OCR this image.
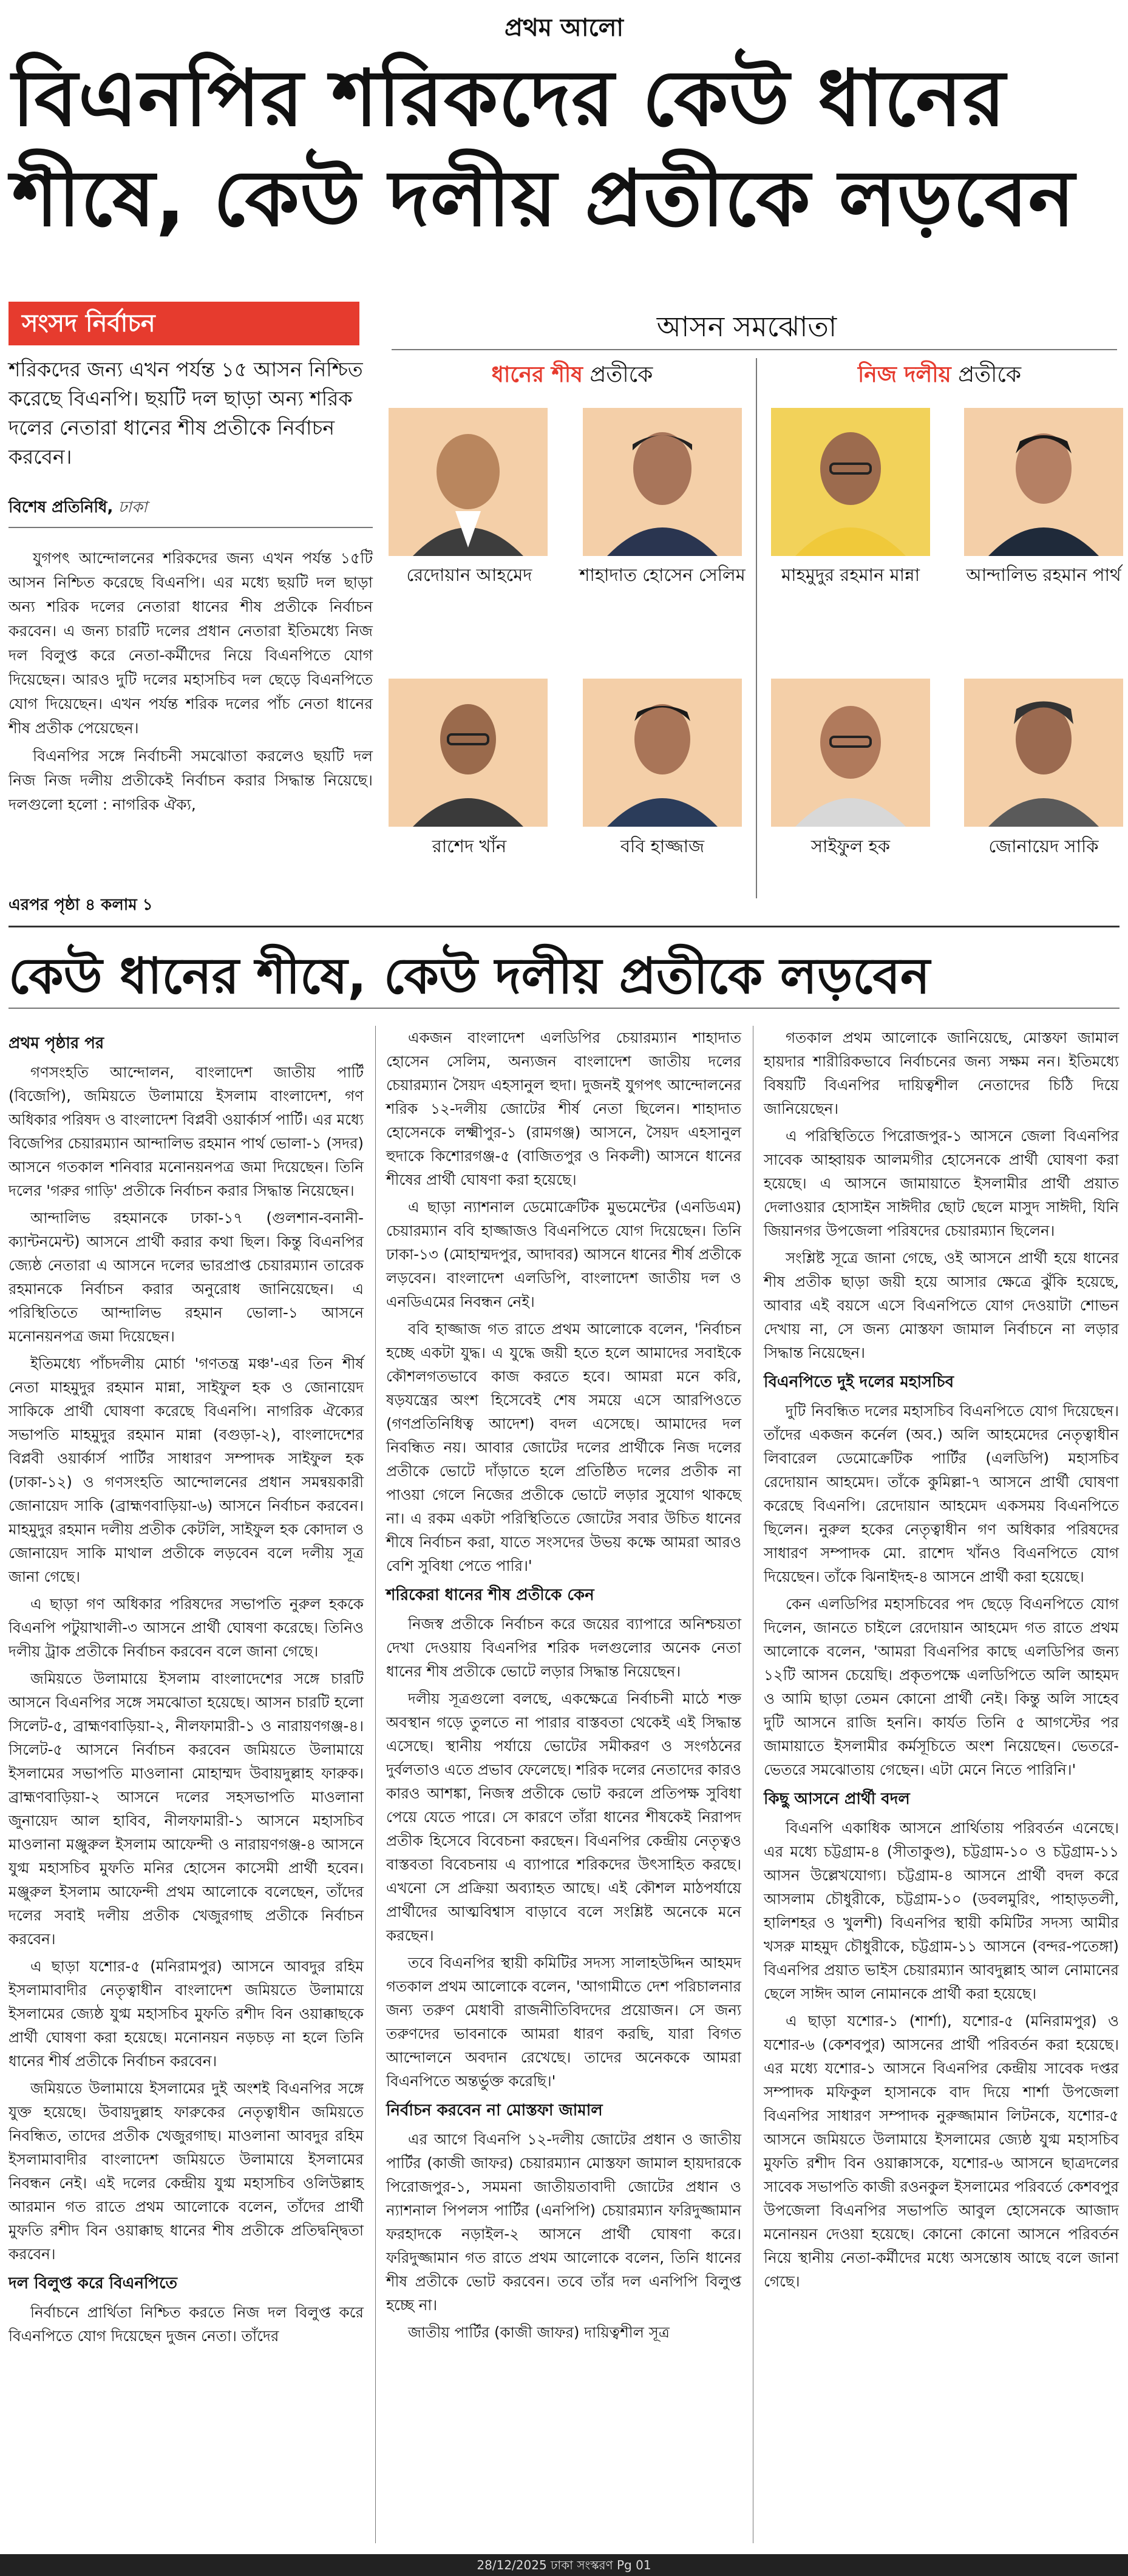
প্রথম আলো
বিএনপির শরিকদের কেউ ধানের শীষে, কেউ দলীয় প্রতীকে লড়বেন
সংসদ নির্বাচন
শরিকদের জন্য এখন পর্যন্ত ১৫ আসন নিশ্চিত করেছে বিএনপি। ছয়টি দল ছাড়া অন্য শরিক দলের নেতারা ধানের শীষ প্রতীকে নির্বাচন করবেন।
বিশেষ প্রতিনিধি, ঢাকা

যুগপৎ আন্দোলনের শরিকদের জন্য এখন পর্যন্ত ১৫টি আসন নিশ্চিত করেছে বিএনপি। এর মধ্যে ছয়টি দল ছাড়া অন্য শরিক দলের নেতারা ধানের শীষ প্রতীকে নির্বাচন করবেন। এ জন্য চারটি দলের প্রধান নেতারা ইতিমধ্যে নিজ দল বিলুপ্ত করে নেতা-কর্মীদের নিয়ে বিএনপিতে যোগ দিয়েছেন। আরও দুটি দলের মহাসচিব দল ছেড়ে বিএনপিতে যোগ দিয়েছেন। এখন পর্যন্ত শরিক দলের পাঁচ নেতা ধানের শীষ প্রতীক পেয়েছেন।

বিএনপির সঙ্গে নির্বাচনী সমঝোতা করলেও ছয়টি দল নিজ নিজ দলীয় প্রতীকেই নির্বাচন করার সিদ্ধান্ত নিয়েছে। দলগুলো হলো : নাগরিক ঐক্য,

এরপর পৃষ্ঠা ৪ কলাম ১
আসন সমঝোতা
ধানের শীষ প্রতীকে	নিজ দলীয় প্রতীকে
রেদোয়ান আহমেদ	শাহাদাত হোসেন সেলিম	মাহমুদুর রহমান মান্না	আন্দালিভ রহমান পার্থ
রাশেদ খাঁন	ববি হাজ্জাজ	সাইফুল হক	জোনায়েদ সাকি
কেউ ধানের শীষে, কেউ দলীয় প্রতীকে লড়বেন
প্রথম পৃষ্ঠার পর

গণসংহতি আন্দোলন, বাংলাদেশ জাতীয় পার্টি (বিজেপি), জমিয়তে উলামায়ে ইসলাম বাংলাদেশ, গণ অধিকার পরিষদ ও বাংলাদেশ বিপ্লবী ওয়ার্কার্স পার্টি। এর মধ্যে বিজেপির চেয়ারম্যান আন্দালিভ রহমান পার্থ ভোলা-১ (সদর) আসনে গতকাল শনিবার মনোনয়নপত্র জমা দিয়েছেন। তিনি দলের 'গরুর গাড়ি' প্রতীকে নির্বাচন করার সিদ্ধান্ত নিয়েছেন।

আন্দালিভ রহমানকে ঢাকা-১৭ (গুলশান-বনানী-ক্যান্টনমেন্ট) আসনে প্রার্থী করার কথা ছিল। কিন্তু বিএনপির জ্যেষ্ঠ নেতারা এ আসনে দলের ভারপ্রাপ্ত চেয়ারম্যান তারেক রহমানকে নির্বাচন করার অনুরোধ জানিয়েছেন। এ পরিস্থিতিতে আন্দালিভ রহমান ভোলা-১ আসনে মনোনয়নপত্র জমা দিয়েছেন।

ইতিমধ্যে পাঁচদলীয় মোর্চা 'গণতন্ত্র মঞ্চ'-এর তিন শীর্ষ নেতা মাহমুদুর রহমান মান্না, সাইফুল হক ও জোনায়েদ সাকিকে প্রার্থী ঘোষণা করেছে বিএনপি। নাগরিক ঐক্যের সভাপতি মাহমুদুর রহমান মান্না (বগুড়া-২), বাংলাদেশের বিপ্লবী ওয়ার্কার্স পার্টির সাধারণ সম্পাদক সাইফুল হক (ঢাকা-১২) ও গণসংহতি আন্দোলনের প্রধান সমন্বয়কারী জোনায়েদ সাকি (ব্রাহ্মণবাড়িয়া-৬) আসনে নির্বাচন করবেন। মাহমুদুর রহমান দলীয় প্রতীক কেটলি, সাইফুল হক কোদাল ও জোনায়েদ সাকি মাথাল প্রতীকে লড়বেন বলে দলীয় সূত্র জানা গেছে।

এ ছাড়া গণ অধিকার পরিষদের সভাপতি নুরুল হককে বিএনপি পটুয়াখালী-৩ আসনে প্রার্থী ঘোষণা করেছে। তিনিও দলীয় ট্রাক প্রতীকে নির্বাচন করবেন বলে জানা গেছে।

জমিয়তে উলামায়ে ইসলাম বাংলাদেশের সঙ্গে চারটি আসনে বিএনপির সঙ্গে সমঝোতা হয়েছে। আসন চারটি হলো সিলেট-৫, ব্রাহ্মণবাড়িয়া-২, নীলফামারী-১ ও নারায়ণগঞ্জ-৪। সিলেট-৫ আসনে নির্বাচন করবেন জমিয়তে উলামায়ে ইসলামের সভাপতি মাওলানা মোহাম্মদ উবায়দুল্লাহ ফারুক। ব্রাহ্মণবাড়িয়া-২ আসনে দলের সহসভাপতি মাওলানা জুনায়েদ আল হাবিব, নীলফামারী-১ আসনে মহাসচিব মাওলানা মঞ্জুরুল ইসলাম আফেন্দী ও নারায়ণগঞ্জ-৪ আসনে যুগ্ম মহাসচিব মুফতি মনির হোসেন কাসেমী প্রার্থী হবেন। মঞ্জুরুল ইসলাম আফেন্দী প্রথম আলোকে বলেছেন, তাঁদের দলের সবাই দলীয় প্রতীক খেজুরগাছ প্রতীকে নির্বাচন করবেন।

এ ছাড়া যশোর-৫ (মনিরামপুর) আসনে আবদুর রহিম ইসলামাবাদীর নেতৃত্বাধীন বাংলাদেশ জমিয়তে উলামায়ে ইসলামের জ্যেষ্ঠ যুগ্ম মহাসচিব মুফতি রশীদ বিন ওয়াক্কাছকে প্রার্থী ঘোষণা করা হয়েছে। মনোনয়ন নড়চড় না হলে তিনি ধানের শীর্ষ প্রতীকে নির্বাচন করবেন।

জমিয়তে উলামায়ে ইসলামের দুই অংশই বিএনপির সঙ্গে যুক্ত হয়েছে। উবায়দুল্লাহ ফারুকের নেতৃত্বাধীন জমিয়তে নিবন্ধিত, তাদের প্রতীক খেজুরগাছ। মাওলানা আবদুর রহিম ইসলামাবাদীর বাংলাদেশ জমিয়তে উলামায়ে ইসলামের নিবন্ধন নেই। এই দলের কেন্দ্রীয় যুগ্ম মহাসচিব ওলিউল্লাহ আরমান গত রাতে প্রথম আলোকে বলেন, তাঁদের প্রার্থী মুফতি রশীদ বিন ওয়াক্কাছ ধানের শীষ প্রতীকে প্রতিদ্বন্দ্বিতা করবেন।

দল বিলুপ্ত করে বিএনপিতে

নির্বাচনে প্রার্থিতা নিশ্চিত করতে নিজ দল বিলুপ্ত করে বিএনপিতে যোগ দিয়েছেন দুজন নেতা। তাঁদের

একজন বাংলাদেশ এলডিপির চেয়ারম্যান শাহাদাত হোসেন সেলিম, অন্যজন বাংলাদেশ জাতীয় দলের চেয়ারম্যান সৈয়দ এহসানুল হুদা। দুজনই যুগপৎ আন্দোলনের শরিক ১২-দলীয় জোটের শীর্ষ নেতা ছিলেন। শাহাদাত হোসেনকে লক্ষ্মীপুর-১ (রামগঞ্জ) আসনে, সৈয়দ এহসানুল হুদাকে কিশোরগঞ্জ-৫ (বাজিতপুর ও নিকলী) আসনে ধানের শীষের প্রার্থী ঘোষণা করা হয়েছে।

এ ছাড়া ন্যাশনাল ডেমোক্রেটিক মুভমেন্টের (এনডিএম) চেয়ারম্যান ববি হাজ্জাজও বিএনপিতে যোগ দিয়েছেন। তিনি ঢাকা-১৩ (মোহাম্মদপুর, আদাবর) আসনে ধানের শীর্ষ প্রতীকে লড়বেন। বাংলাদেশ এলডিপি, বাংলাদেশ জাতীয় দল ও এনডিএমের নিবন্ধন নেই।

ববি হাজ্জাজ গত রাতে প্রথম আলোকে বলেন, 'নির্বাচন হচ্ছে একটা যুদ্ধ। এ যুদ্ধে জয়ী হতে হলে আমাদের সবাইকে কৌশলগতভাবে কাজ করতে হবে। আমরা মনে করি, ষড়যন্ত্রের অংশ হিসেবেই শেষ সময়ে এসে আরপিওতে (গণপ্রতিনিধিত্ব আদেশ) বদল এসেছে। আমাদের দল নিবন্ধিত নয়। আবার জোটের দলের প্রার্থীকে নিজ দলের প্রতীকে ভোটে দাঁড়াতে হলে প্রতিষ্ঠিত দলের প্রতীক না পাওয়া গেলে নিজের প্রতীকে ভোটে লড়ার সুযোগ থাকছে না। এ রকম একটা পরিস্থিতিতে জোটের সবার উচিত ধানের শীষে নির্বাচন করা, যাতে সংসদের উভয় কক্ষে আমরা আরও বেশি সুবিধা পেতে পারি।'

শরিকেরা ধানের শীষ প্রতীকে কেন

নিজস্ব প্রতীকে নির্বাচন করে জয়ের ব্যাপারে অনিশ্চয়তা দেখা দেওয়ায় বিএনপির শরিক দলগুলোর অনেক নেতা ধানের শীষ প্রতীকে ভোটে লড়ার সিদ্ধান্ত নিয়েছেন।

দলীয় সূত্রগুলো বলছে, একক্ষেত্রে নির্বাচনী মাঠে শক্ত অবস্থান গড়ে তুলতে না পারার বাস্তবতা থেকেই এই সিদ্ধান্ত এসেছে। স্থানীয় পর্যায়ে ভোটের সমীকরণ ও সংগঠনের দুর্বলতাও এতে প্রভাব ফেলেছে। শরিক দলের নেতাদের কারও কারও আশঙ্কা, নিজস্ব প্রতীকে ভোট করলে প্রতিপক্ষ সুবিধা পেয়ে যেতে পারে। সে কারণে তাঁরা ধানের শীষকেই নিরাপদ প্রতীক হিসেবে বিবেচনা করছেন। বিএনপির কেন্দ্রীয় নেতৃত্বও বাস্তবতা বিবেচনায় এ ব্যাপারে শরিকদের উৎসাহিত করছে। এখনো সে প্রক্রিয়া অব্যাহত আছে। এই কৌশল মাঠপর্যায়ে প্রার্থীদের আত্মবিশ্বাস বাড়াবে বলে সংশ্লিষ্ট অনেকে মনে করছেন।

তবে বিএনপির স্থায়ী কমিটির সদস্য সালাহউদ্দিন আহমদ গতকাল প্রথম আলোকে বলেন, 'আগামীতে দেশ পরিচালনার জন্য তরুণ মেধাবী রাজনীতিবিদদের প্রয়োজন। সে জন্য তরুণদের ভাবনাকে আমরা ধারণ করছি, যারা বিগত আন্দোলনে অবদান রেখেছে। তাদের অনেককে আমরা বিএনপিতে অন্তর্ভুক্ত করেছি।'

নির্বাচন করবেন না মোস্তফা জামাল

এর আগে বিএনপি ১২-দলীয় জোটের প্রধান ও জাতীয় পার্টির (কাজী জাফর) চেয়ারম্যান মোস্তফা জামাল হায়দারকে পিরোজপুর-১, সমমনা জাতীয়তাবাদী জোটের প্রধান ও ন্যাশনাল পিপলস পার্টির (এনপিপি) চেয়ারম্যান ফরিদুজ্জামান ফরহাদকে নড়াইল-২ আসনে প্রার্থী ঘোষণা করে। ফরিদুজ্জামান গত রাতে প্রথম আলোকে বলেন, তিনি ধানের শীষ প্রতীকে ভোট করবেন। তবে তাঁর দল এনপিপি বিলুপ্ত হচ্ছে না।

জাতীয় পার্টির (কাজী জাফর) দায়িত্বশীল সূত্র

গতকাল প্রথম আলোকে জানিয়েছে, মোস্তফা জামাল হায়দার শারীরিকভাবে নির্বাচনের জন্য সক্ষম নন। ইতিমধ্যে বিষয়টি বিএনপির দায়িত্বশীল নেতাদের চিঠি দিয়ে জানিয়েছেন।

এ পরিস্থিতিতে পিরোজপুর-১ আসনে জেলা বিএনপির সাবেক আহ্বায়ক আলমগীর হোসেনকে প্রার্থী ঘোষণা করা হয়েছে। এ আসনে জামায়াতে ইসলামীর প্রার্থী প্রয়াত দেলাওয়ার হোসাইন সাঈদীর ছোট ছেলে মাসুদ সাঈদী, যিনি জিয়ানগর উপজেলা পরিষদের চেয়ারম্যান ছিলেন।

সংশ্লিষ্ট সূত্রে জানা গেছে, ওই আসনে প্রার্থী হয়ে ধানের শীষ প্রতীক ছাড়া জয়ী হয়ে আসার ক্ষেত্রে ঝুঁকি হয়েছে, আবার এই বয়সে এসে বিএনপিতে যোগ দেওয়াটা শোভন দেখায় না, সে জন্য মোস্তফা জামাল নির্বাচনে না লড়ার সিদ্ধান্ত নিয়েছেন।

বিএনপিতে দুই দলের মহাসচিব

দুটি নিবন্ধিত দলের মহাসচিব বিএনপিতে যোগ দিয়েছেন। তাঁদের একজন কর্নেল (অব.) অলি আহমেদের নেতৃত্বাধীন লিবারেল ডেমোক্রেটিক পার্টির (এলডিপি) মহাসচিব রেদোয়ান আহমেদ। তাঁকে কুমিল্লা-৭ আসনে প্রার্থী ঘোষণা করেছে বিএনপি। রেদোয়ান আহমেদ একসময় বিএনপিতে ছিলেন। নুরুল হকের নেতৃত্বাধীন গণ অধিকার পরিষদের সাধারণ সম্পাদক মো. রাশেদ খাঁনও বিএনপিতে যোগ দিয়েছেন। তাঁকে ঝিনাইদহ-৪ আসনে প্রার্থী করা হয়েছে।

কেন এলডিপির মহাসচিবের পদ ছেড়ে বিএনপিতে যোগ দিলেন, জানতে চাইলে রেদোয়ান আহমেদ গত রাতে প্রথম আলোকে বলেন, 'আমরা বিএনপির কাছে এলডিপির জন্য ১২টি আসন চেয়েছি। প্রকৃতপক্ষে এলডিপিতে অলি আহমদ ও আমি ছাড়া তেমন কোনো প্রার্থী নেই। কিন্তু অলি সাহেব দুটি আসনে রাজি হননি। কার্যত তিনি ৫ আগস্টের পর জামায়াতে ইসলামীর কর্মসূচিতে অংশ নিয়েছেন। ভেতরে-ভেতরে সমঝোতায় গেছেন। এটা মেনে নিতে পারিনি।'

কিছু আসনে প্রার্থী বদল

বিএনপি একাধিক আসনে প্রার্থিতায় পরিবর্তন এনেছে। এর মধ্যে চট্টগ্রাম-৪ (সীতাকুণ্ড), চট্টগ্রাম-১০ ও চট্টগ্রাম-১১ আসন উল্লেখযোগ্য। চট্টগ্রাম-৪ আসনে প্রার্থী বদল করে আসলাম চৌধুরীকে, চট্টগ্রাম-১০ (ডবলমুরিং, পাহাড়তলী, হালিশহর ও খুলশী) বিএনপির স্থায়ী কমিটির সদস্য আমীর খসরু মাহমুদ চৌধুরীকে, চট্টগ্রাম-১১ আসনে (বন্দর-পতেঙ্গা) বিএনপির প্রয়াত ভাইস চেয়ারম্যান আবদুল্লাহ আল নোমানের ছেলে সাঈদ আল নোমানকে প্রার্থী করা হয়েছে।

এ ছাড়া যশোর-১ (শার্শা), যশোর-৫ (মনিরামপুর) ও যশোর-৬ (কেশবপুর) আসনের প্রার্থী পরিবর্তন করা হয়েছে। এর মধ্যে যশোর-১ আসনে বিএনপির কেন্দ্রীয় সাবেক দপ্তর সম্পাদক মফিকুল হাসানকে বাদ দিয়ে শার্শা উপজেলা বিএনপির সাধারণ সম্পাদক নুরুজ্জামান লিটনকে, যশোর-৫ আসনে জমিয়তে উলামায়ে ইসলামের জ্যেষ্ঠ যুগ্ম মহাসচিব মুফতি রশীদ বিন ওয়াক্কাসকে, যশোর-৬ আসনে ছাত্রদলের সাবেক সভাপতি কাজী রওনকুল ইসলামের পরিবর্তে কেশবপুর উপজেলা বিএনপির সভাপতি আবুল হোসেনকে আজাদ মনোনয়ন দেওয়া হয়েছে। কোনো কোনো আসনে পরিবর্তন নিয়ে স্থানীয় নেতা-কর্মীদের মধ্যে অসন্তোষ আছে বলে জানা গেছে।

28/12/2025 ঢাকা সংস্করণ Pg 01
